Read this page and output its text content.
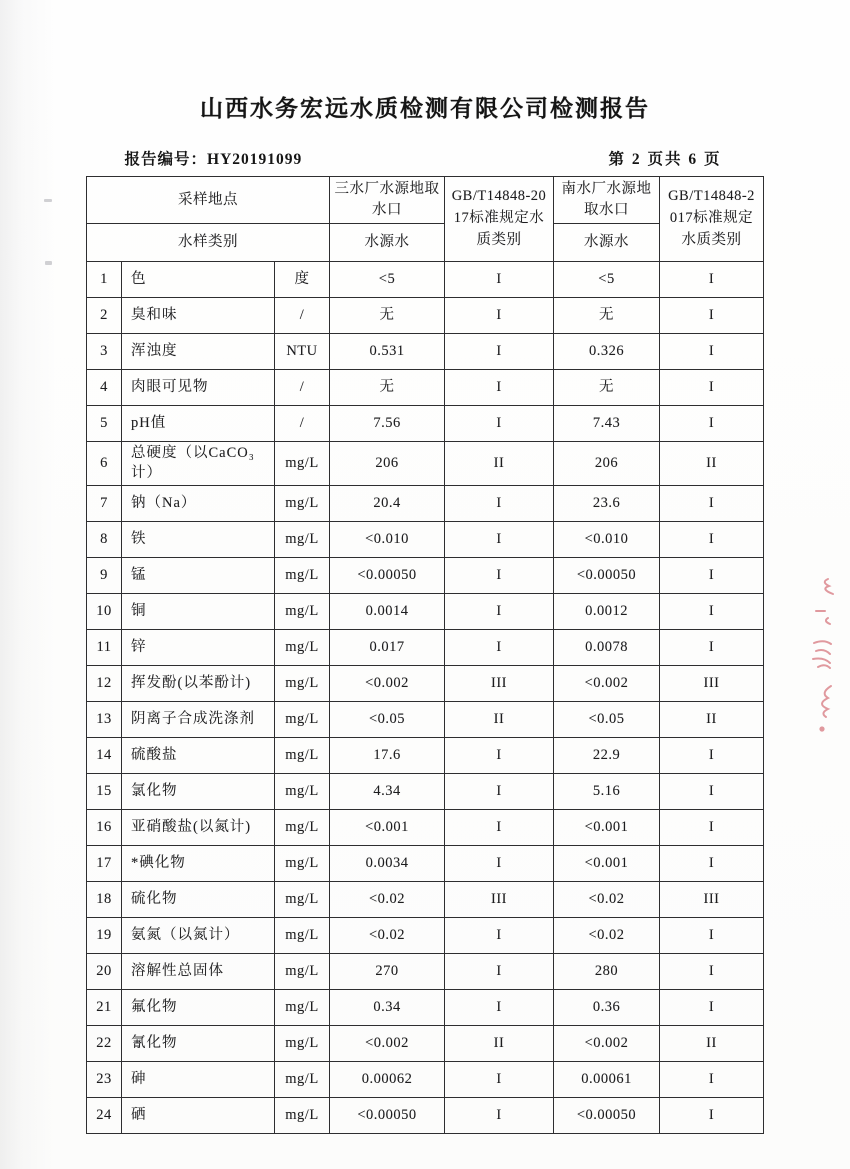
山西水务宏远水质检测有限公司检测报告
报告编号：HY20191099	第 2 页共 6 页
采样地点			三水厂水源地取水口	GB/T14848-2017标准规定水质类别	南水厂水源地取水口	GB/T14848-2017标准规定水质类别
水样类别			水源水		水源水	
1	色	度	<5	I	<5	I
2	臭和味	/	无	I	无	I
3	浑浊度	NTU	0.531	I	0.326	I
4	肉眼可见物	/	无	I	无	I
5	pH值	/	7.56	I	7.43	I
6	总硬度（以CaCO₃计）	mg/L	206	II	206	II
7	钠（Na）	mg/L	20.4	I	23.6	I
8	铁	mg/L	<0.010	I	<0.010	I
9	锰	mg/L	<0.00050	I	<0.00050	I
10	铜	mg/L	0.0014	I	0.0012	I
11	锌	mg/L	0.017	I	0.0078	I
12	挥发酚(以苯酚计)	mg/L	<0.002	III	<0.002	III
13	阴离子合成洗涤剂	mg/L	<0.05	II	<0.05	II
14	硫酸盐	mg/L	17.6	I	22.9	I
15	氯化物	mg/L	4.34	I	5.16	I
16	亚硝酸盐(以氮计)	mg/L	<0.001	I	<0.001	I
17	*碘化物	mg/L	0.0034	I	<0.001	I
18	硫化物	mg/L	<0.02	III	<0.02	III
19	氨氮（以氮计）	mg/L	<0.02	I	<0.02	I
20	溶解性总固体	mg/L	270	I	280	I
21	氟化物	mg/L	0.34	I	0.36	I
22	氰化物	mg/L	<0.002	II	<0.002	II
23	砷	mg/L	0.00062	I	0.00061	I
24	硒	mg/L	<0.00050	I	<0.00050	I
